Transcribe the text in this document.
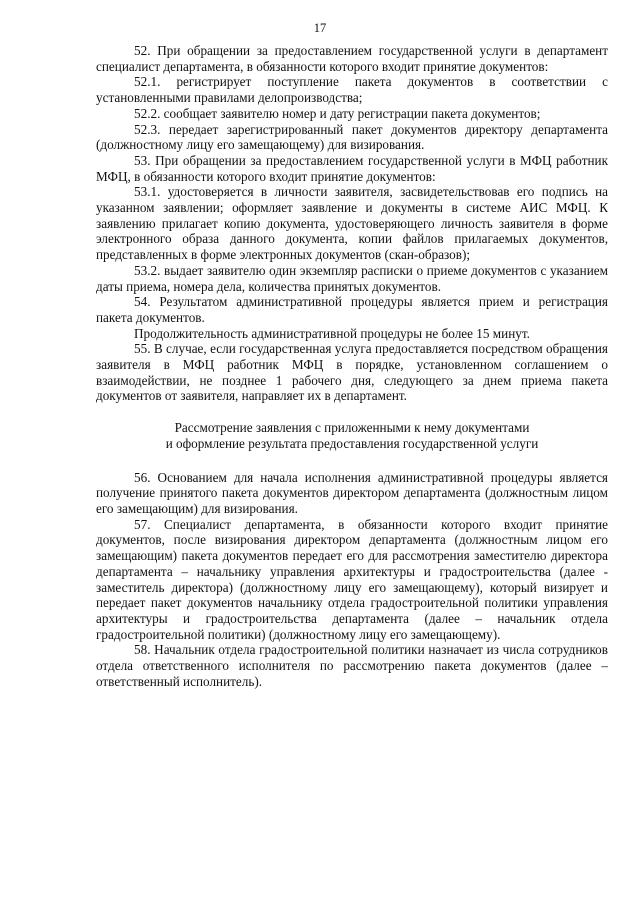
17

52. При обращении за предоставлением государственной услуги в департамент специалист департамента, в обязанности которого входит принятие документов:

52.1. регистрирует поступление пакета документов в соответствии с установленными правилами делопроизводства;

52.2. сообщает заявителю номер и дату регистрации пакета документов;

52.3. передает зарегистрированный пакет документов директору департамента (должностному лицу его замещающему) для визирования.

53. При обращении за предоставлением государственной услуги в МФЦ работник МФЦ, в обязанности которого входит принятие документов:

53.1. удостоверяется в личности заявителя, засвидетельствовав его подпись на указанном заявлении; оформляет заявление и документы в системе АИС МФЦ. К заявлению прилагает копию документа, удостоверяющего личность заявителя в форме электронного образа данного документа, копии файлов прилагаемых документов, представленных в форме электронных документов (скан-образов);

53.2. выдает заявителю один экземпляр расписки о приеме документов с указанием даты приема, номера дела, количества принятых документов.

54. Результатом административной процедуры является прием и регистрация пакета документов.

Продолжительность административной процедуры не более 15 минут.

55. В случае, если государственная услуга предоставляется посредством обращения заявителя в МФЦ работник МФЦ в порядке, установленном соглашением о взаимодействии, не позднее 1 рабочего дня, следующего за днем приема пакета документов от заявителя, направляет их в департамент.

Рассмотрение заявления с приложенными к нему документами
и оформление результата предоставления государственной услуги

56. Основанием для начала исполнения административной процедуры является получение принятого пакета документов директором департамента (должностным лицом его замещающим) для визирования.

57. Специалист департамента, в обязанности которого входит принятие документов, после визирования директором департамента (должностным лицом его замещающим) пакета документов передает его для рассмотрения заместителю директора департамента – начальнику управления архитектуры и градостроительства (далее - заместитель директора) (должностному лицу его замещающему), который визирует и передает пакет документов начальнику отдела градостроительной политики управления архитектуры и градостроительства департамента (далее – начальник отдела градостроительной политики) (должностному лицу его замещающему).

58. Начальник отдела градостроительной политики назначает из числа сотрудников отдела ответственного исполнителя по рассмотрению пакета документов (далее – ответственный исполнитель).
